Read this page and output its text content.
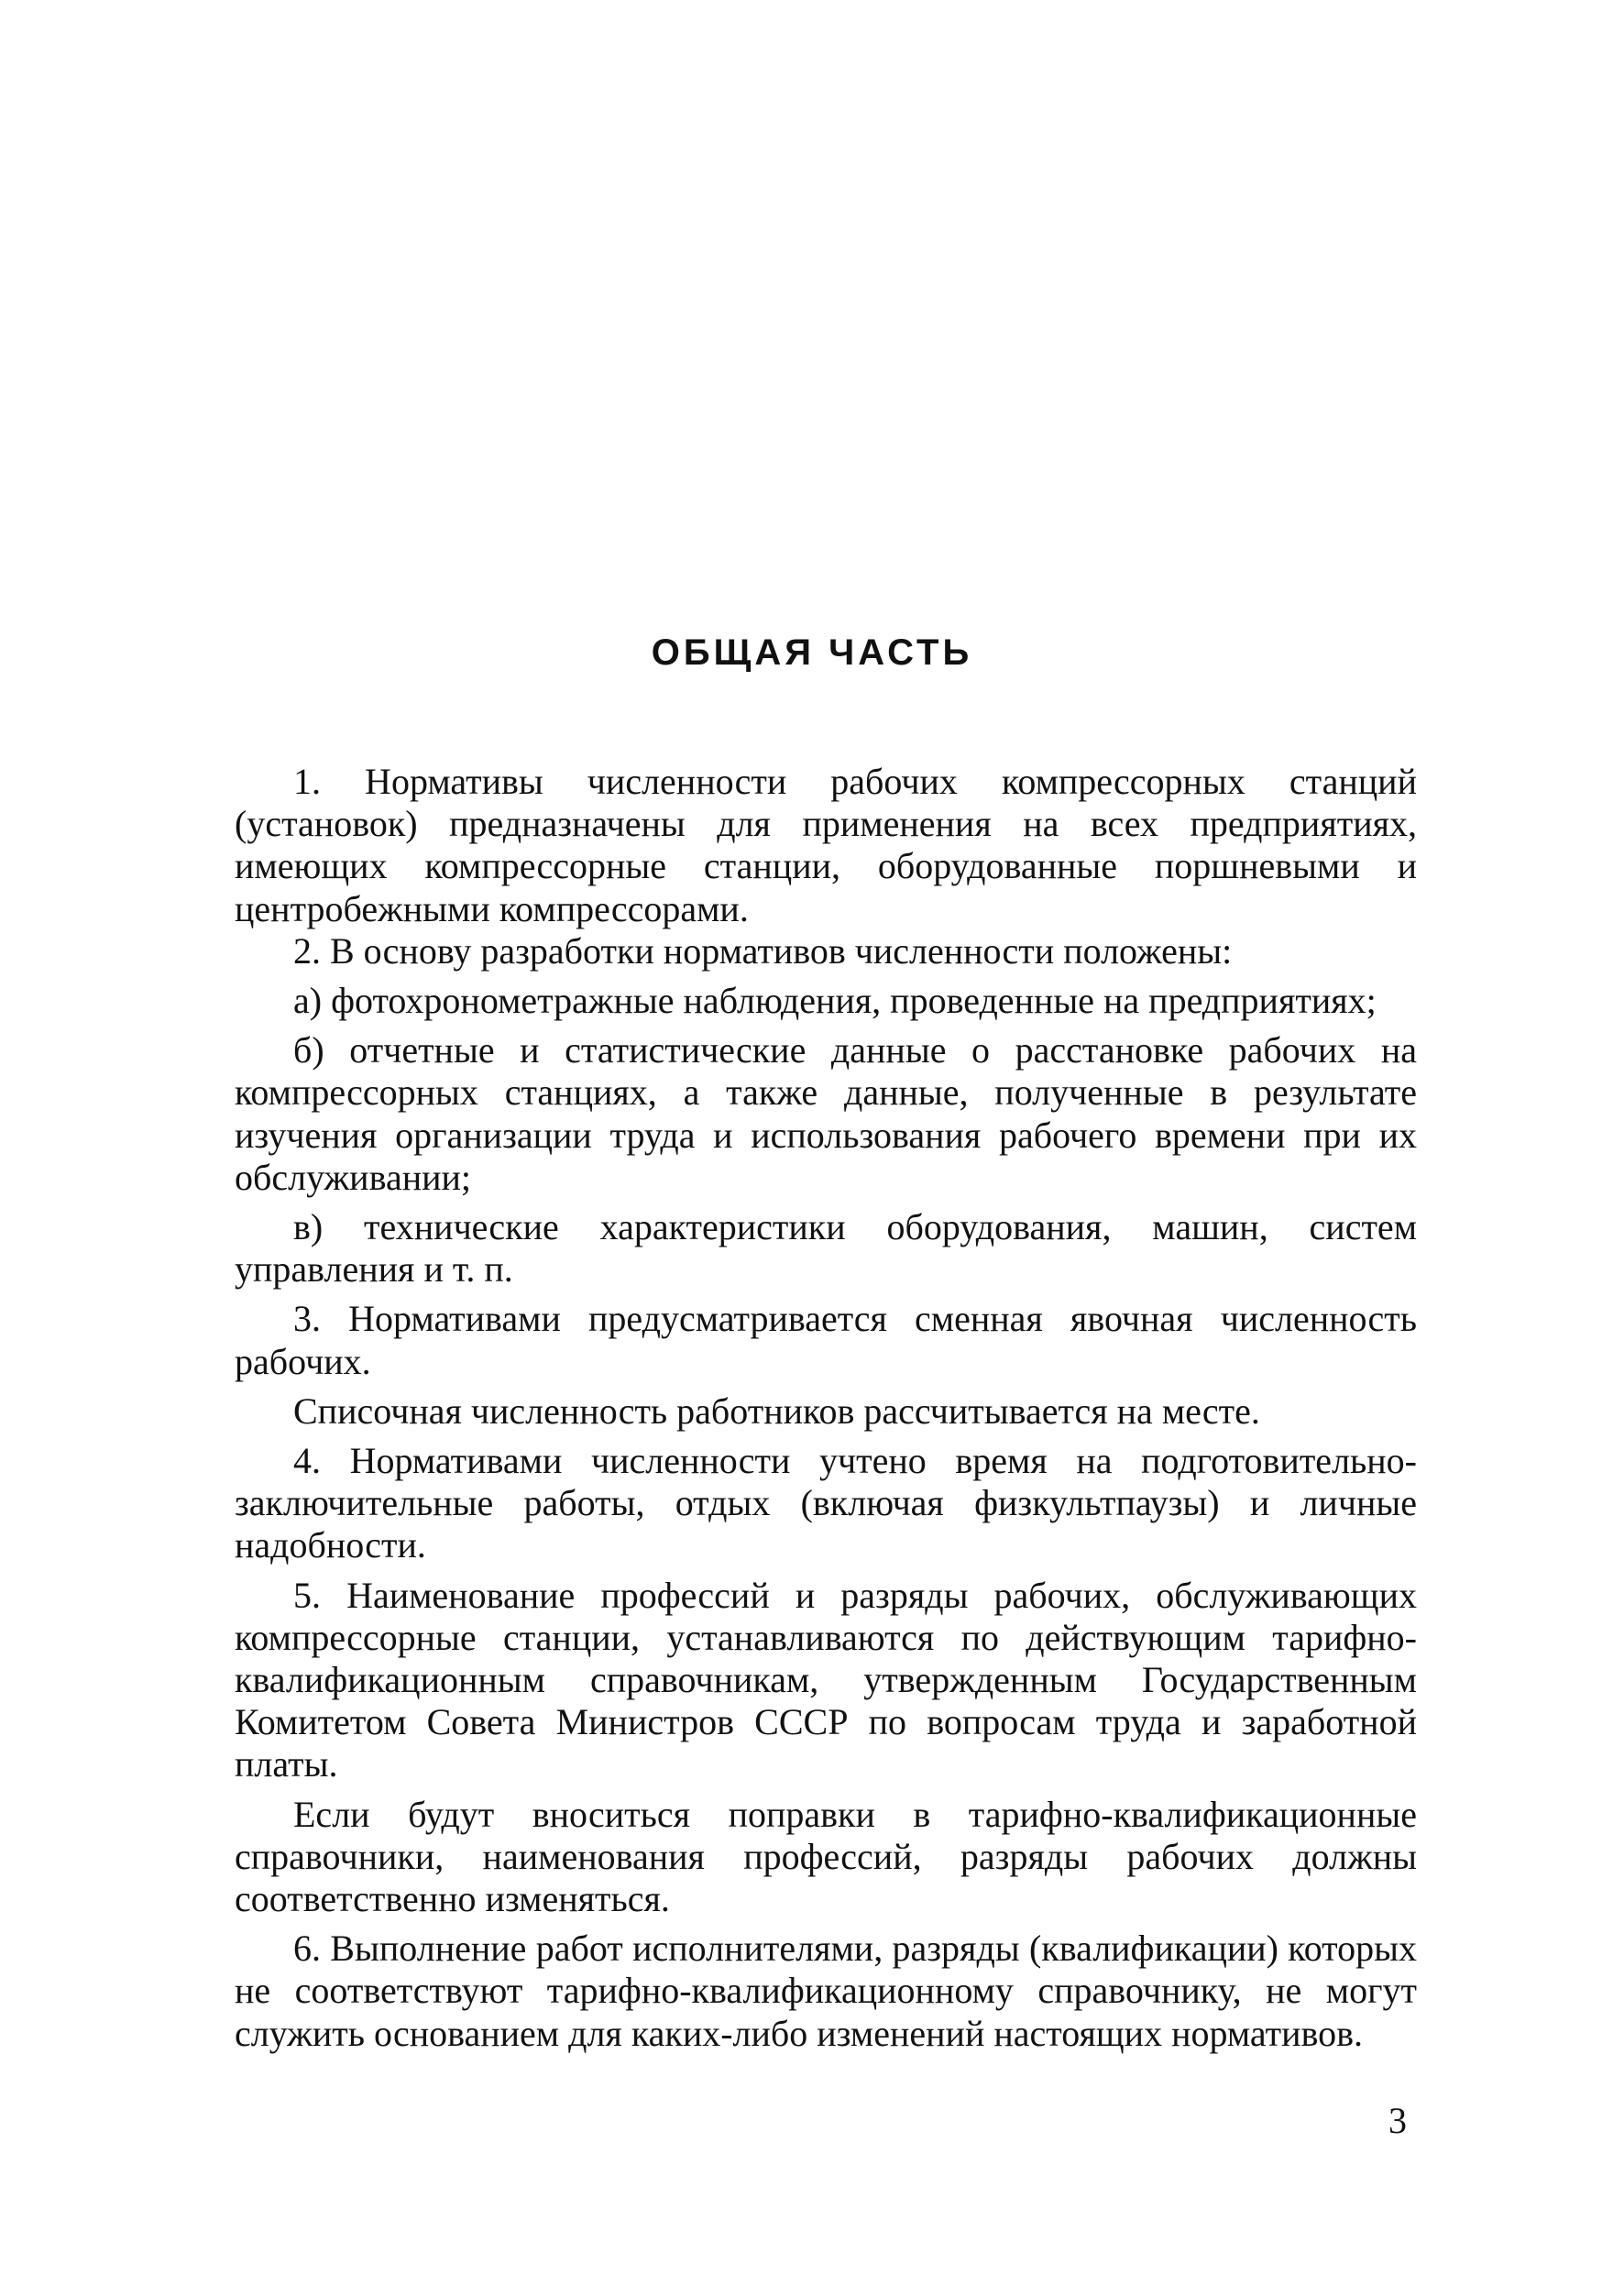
ОБЩАЯ ЧАСТЬ

1. Нормативы численности рабочих компрессорных станций (установок) предназначены для применения на всех предприятиях, имеющих компрессорные станции, оборудованные поршневыми и центробежными компрессорами.

2. В основу разработки нормативов численности положены:

а) фотохронометражные наблюдения, проведенные на предприятиях;

б) отчетные и статистические данные о расстановке рабочих на компрессорных станциях, а также данные, полученные в результате изучения организации труда и использования рабочего времени при их обслуживании;

в) технические характеристики оборудования, машин, систем управления и т. п.

3. Нормативами предусматривается сменная явочная численность рабочих.

Списочная численность работников рассчитывается на месте.

4. Нормативами численности учтено время на подготовительно-заключительные работы, отдых (включая физкультпаузы) и личные надобности.

5. Наименование профессий и разряды рабочих, обслуживающих компрессорные станции, устанавливаются по действующим тарифно-квалификационным справочникам, утвержденным Государственным Комитетом Совета Министров СССР по вопросам труда и заработной платы.

Если будут вноситься поправки в тарифно-квалификационные справочники, наименования профессий, разряды рабочих должны соответственно изменяться.

6. Выполнение работ исполнителями, разряды (квалификации) которых не соответствуют тарифно-квалификационному справочнику, не могут служить основанием для каких-либо изменений настоящих нормативов.

3
